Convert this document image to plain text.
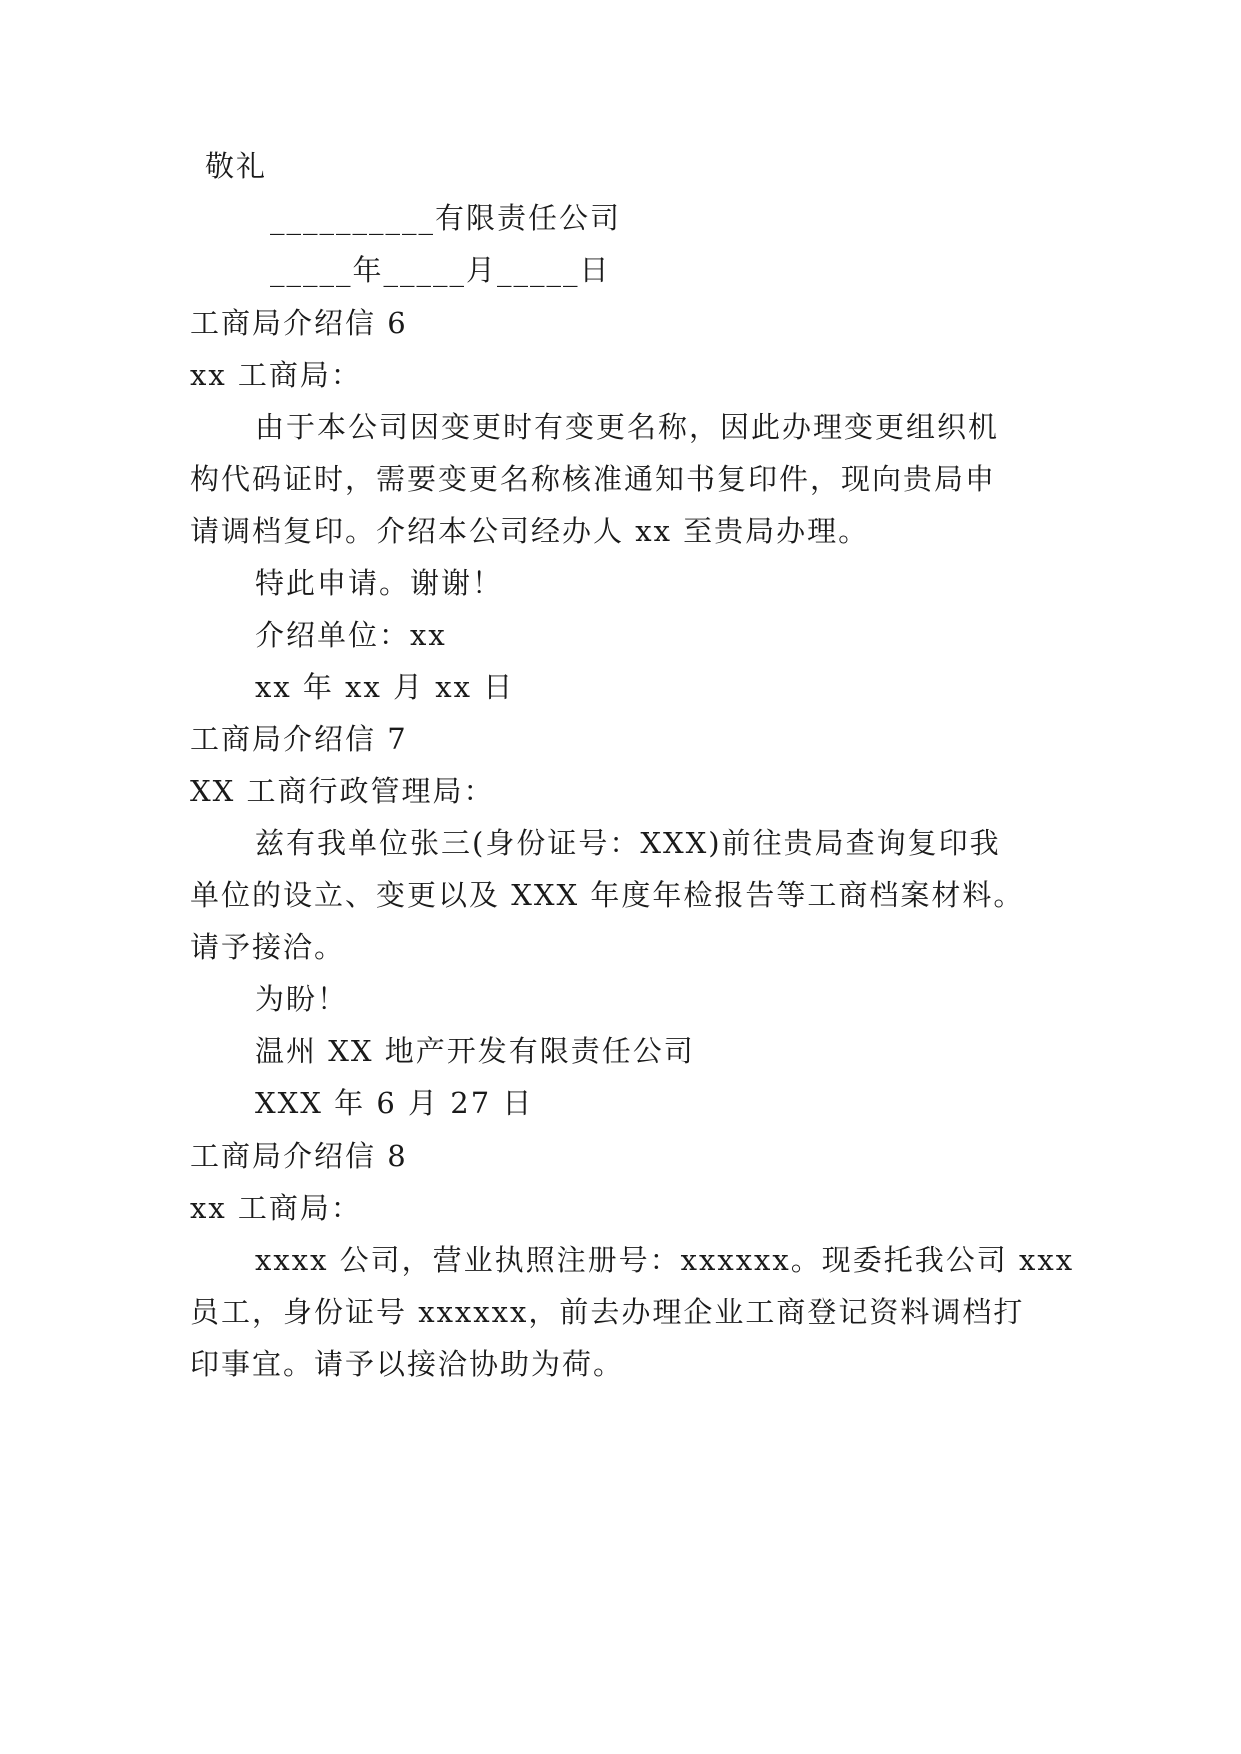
敬礼
__________有限责任公司
_____年_____月_____日
工商局介绍信 6
xx 工商局：
由于本公司因变更时有变更名称，因此办理变更组织机
构代码证时，需要变更名称核准通知书复印件，现向贵局申
请调档复印。介绍本公司经办人 xx 至贵局办理。
特此申请。谢谢！
介绍单位：xx
xx 年 xx 月 xx 日
工商局介绍信 7
XX 工商行政管理局：
兹有我单位张三(身份证号：XXX)前往贵局查询复印我
单位的设立、变更以及 XXX 年度年检报告等工商档案材料。
请予接洽。
为盼！
温州 XX 地产开发有限责任公司
XXX 年 6 月 27 日
工商局介绍信 8
xx 工商局：
xxxx 公司，营业执照注册号：xxxxxx。现委托我公司 xxx
员工，身份证号 xxxxxx，前去办理企业工商登记资料调档打
印事宜。请予以接洽协助为荷。
